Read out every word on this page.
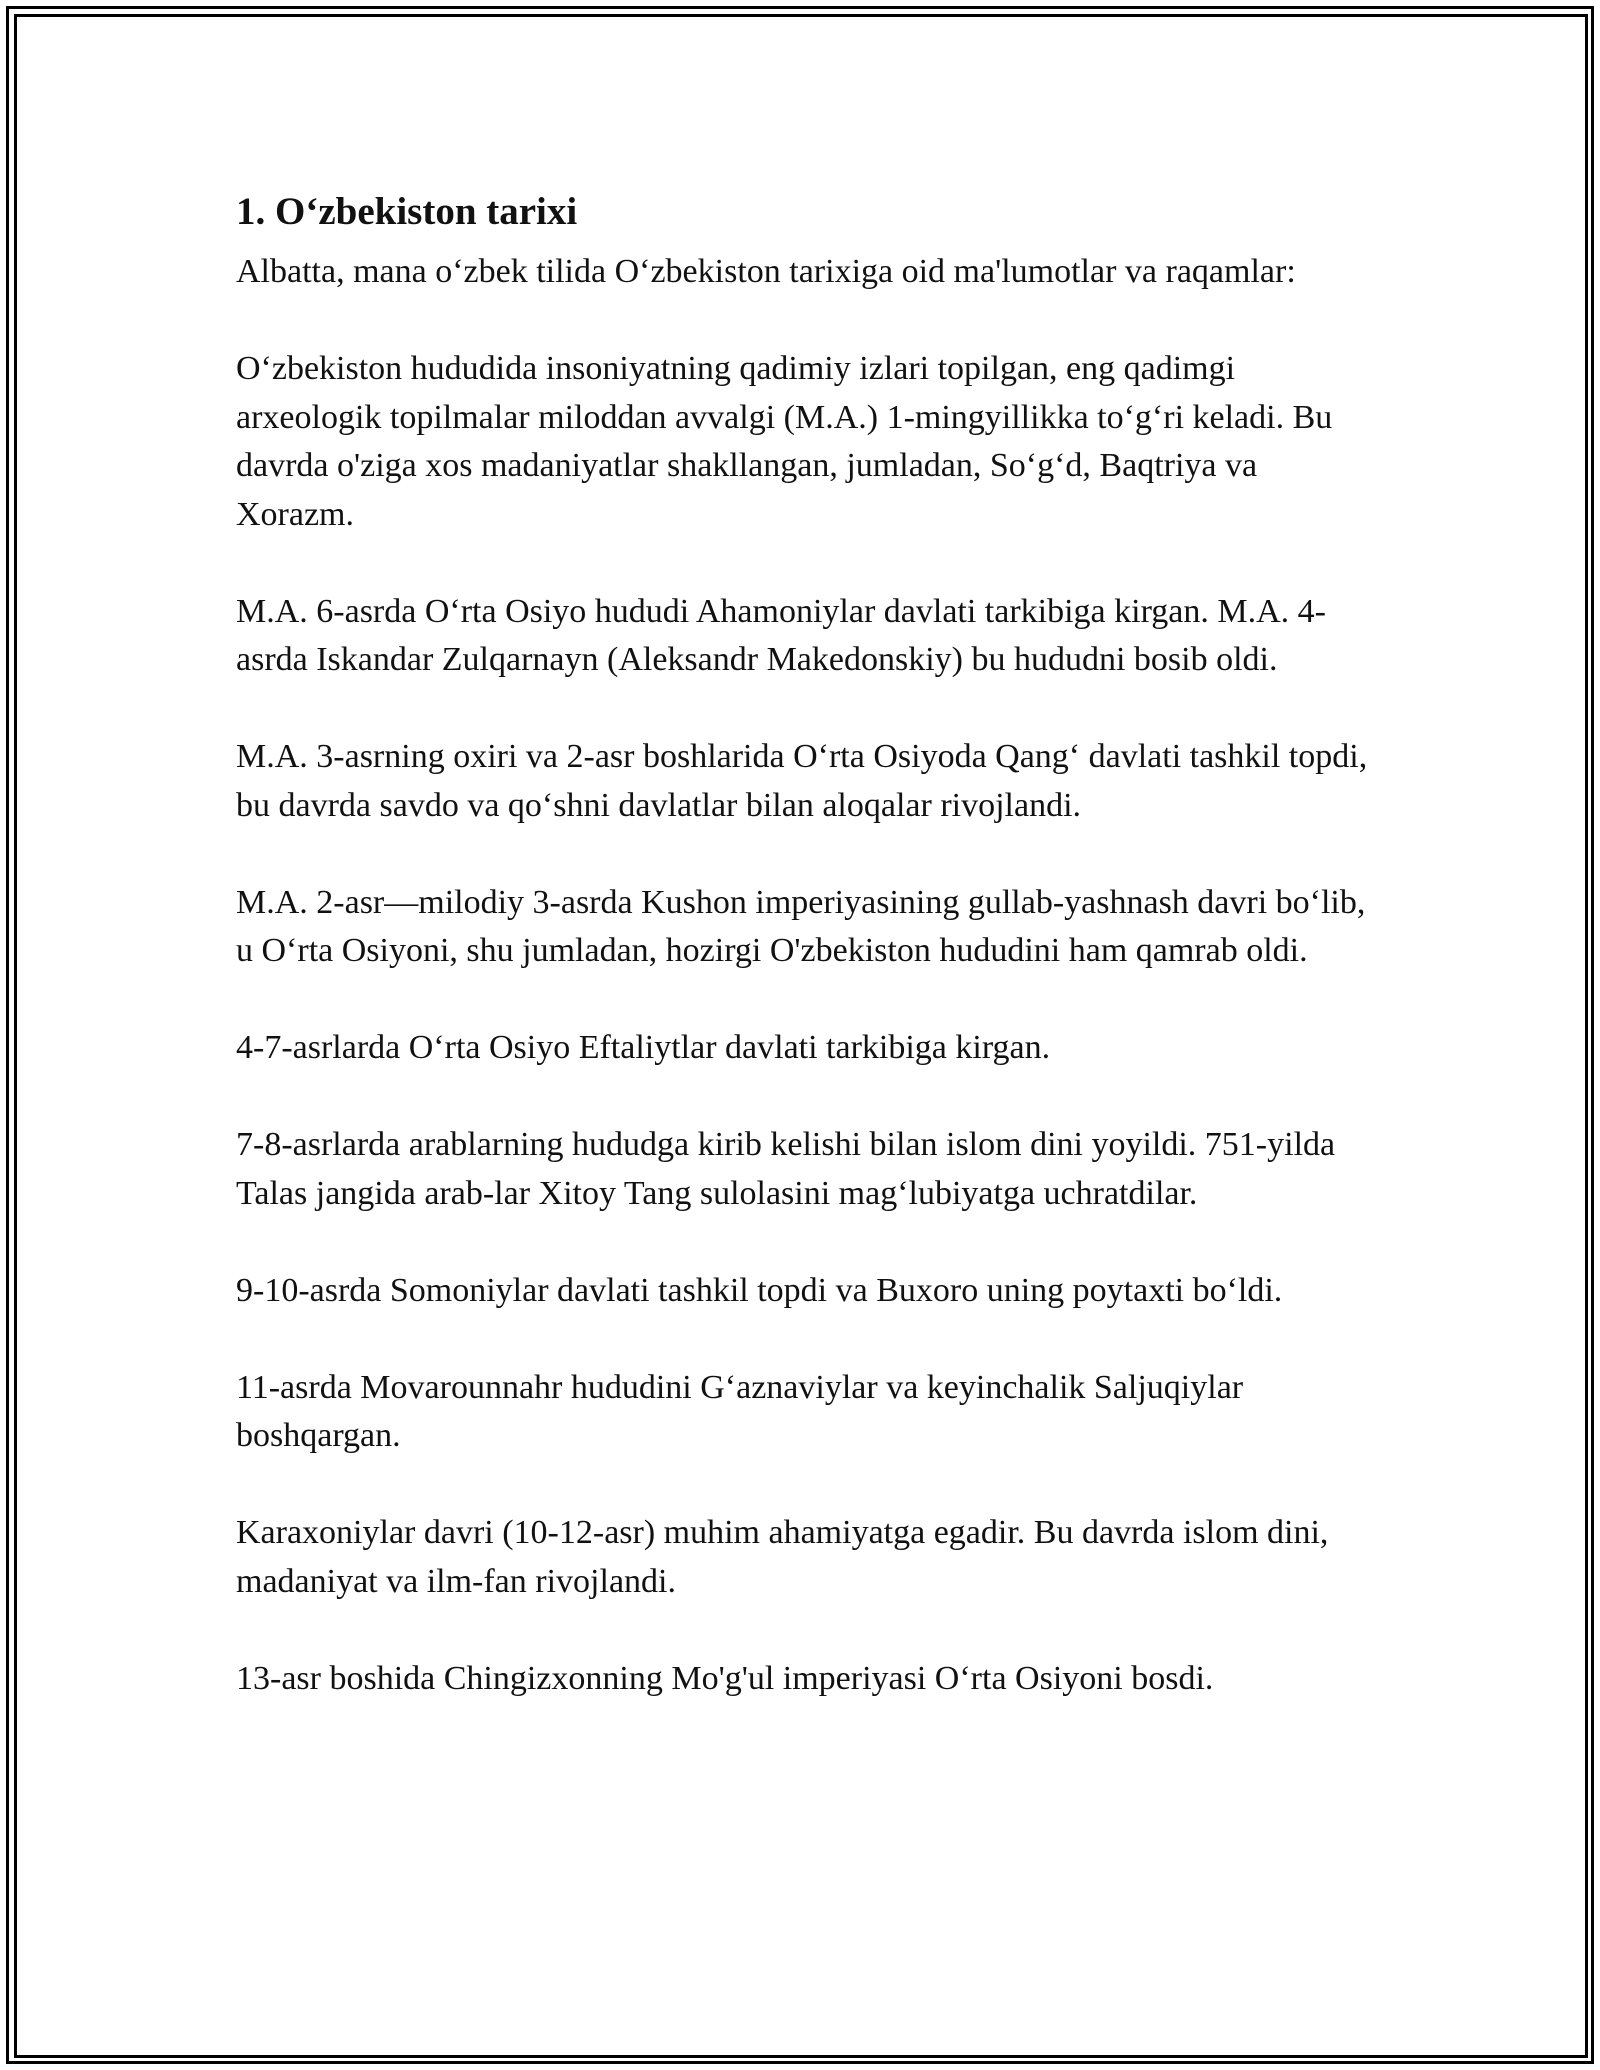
1. O‘zbekiston tarixi

Albatta, mana o‘zbek tilida O‘zbekiston tarixiga oid ma'lumotlar va raqamlar:

O‘zbekiston hududida insoniyatning qadimiy izlari topilgan, eng qadimgi arxeologik topilmalar miloddan avvalgi (M.A.) 1-mingyillikka to‘g‘ri keladi. Bu davrda o'ziga xos madaniyatlar shakllangan, jumladan, So‘g‘d, Baqtriya va Xorazm.

M.A. 6-asrda O‘rta Osiyo hududi Ahamoniylar davlati tarkibiga kirgan. M.A. 4-asrda Iskandar Zulqarnayn (Aleksandr Makedonskiy) bu hududni bosib oldi.

M.A. 3-asrning oxiri va 2-asr boshlarida O‘rta Osiyoda Qang‘ davlati tashkil topdi, bu davrda savdo va qo‘shni davlatlar bilan aloqalar rivojlandi.

M.A. 2-asr—milodiy 3-asrda Kushon imperiyasining gullab-yashnash davri bo‘lib, u O‘rta Osiyoni, shu jumladan, hozirgi O'zbekiston hududini ham qamrab oldi.

4-7-asrlarda O‘rta Osiyo Eftaliytlar davlati tarkibiga kirgan.

7-8-asrlarda arablarning hududga kirib kelishi bilan islom dini yoyildi. 751-yilda Talas jangida arab-lar Xitoy Tang sulolasini mag‘lubiyatga uchratdilar.

9-10-asrda Somoniylar davlati tashkil topdi va Buxoro uning poytaxti bo‘ldi.

11-asrda Movarounnahr hududini G‘aznaviylar va keyinchalik Saljuqiylar boshqargan.

Karaxoniylar davri (10-12-asr) muhim ahamiyatga egadir. Bu davrda islom dini, madaniyat va ilm-fan rivojlandi.

13-asr boshida Chingizxonning Mo'g'ul imperiyasi O‘rta Osiyoni bosdi.
